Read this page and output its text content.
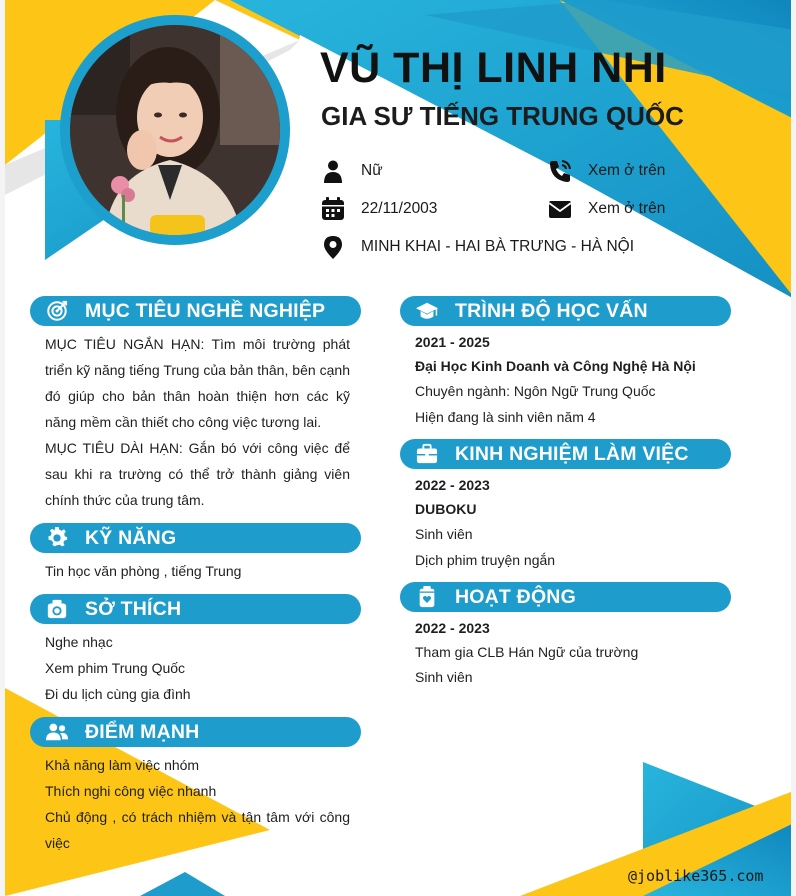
VŨ THỊ LINH NHI
GIA SƯ TIẾNG TRUNG QUỐC
Nữ	Xem ở trên
22/11/2003	Xem ở trên
MINH KHAI - HAI BÀ TRƯNG - HÀ NỘI
MỤC TIÊU NGHỀ NGHIỆP
MỤC TIÊU NGẮN HẠN: Tìm môi trường phát triển kỹ năng tiếng Trung của bản thân, bên cạnh đó giúp cho bản thân hoàn thiện hơn các kỹ năng mềm cần thiết cho công việc tương lai.
MỤC TIÊU DÀI HẠN: Gắn bó với công việc để sau khi ra trường có thể trở thành giảng viên chính thức của trung tâm.
KỸ NĂNG
Tin học văn phòng , tiếng Trung
SỞ THÍCH
Nghe nhạc
Xem phim Trung Quốc
Đi du lịch cùng gia đình
ĐIỂM MẠNH
Khả năng làm việc nhóm
Thích nghi công việc nhanh
Chủ động , có trách nhiệm và tận tâm với công việc
TRÌNH ĐỘ HỌC VẤN
2021 - 2025
Đại Học Kinh Doanh và Công Nghệ Hà Nội
Chuyên ngành: Ngôn Ngữ Trung Quốc
Hiện đang là sinh viên năm 4
KINH NGHIỆM LÀM VIỆC
2022 - 2023
DUBOKU
Sinh viên
Dịch phim truyện ngắn
HOẠT ĐỘNG
2022 - 2023
Tham gia CLB Hán Ngữ của trường
Sinh viên
@joblike365.com
